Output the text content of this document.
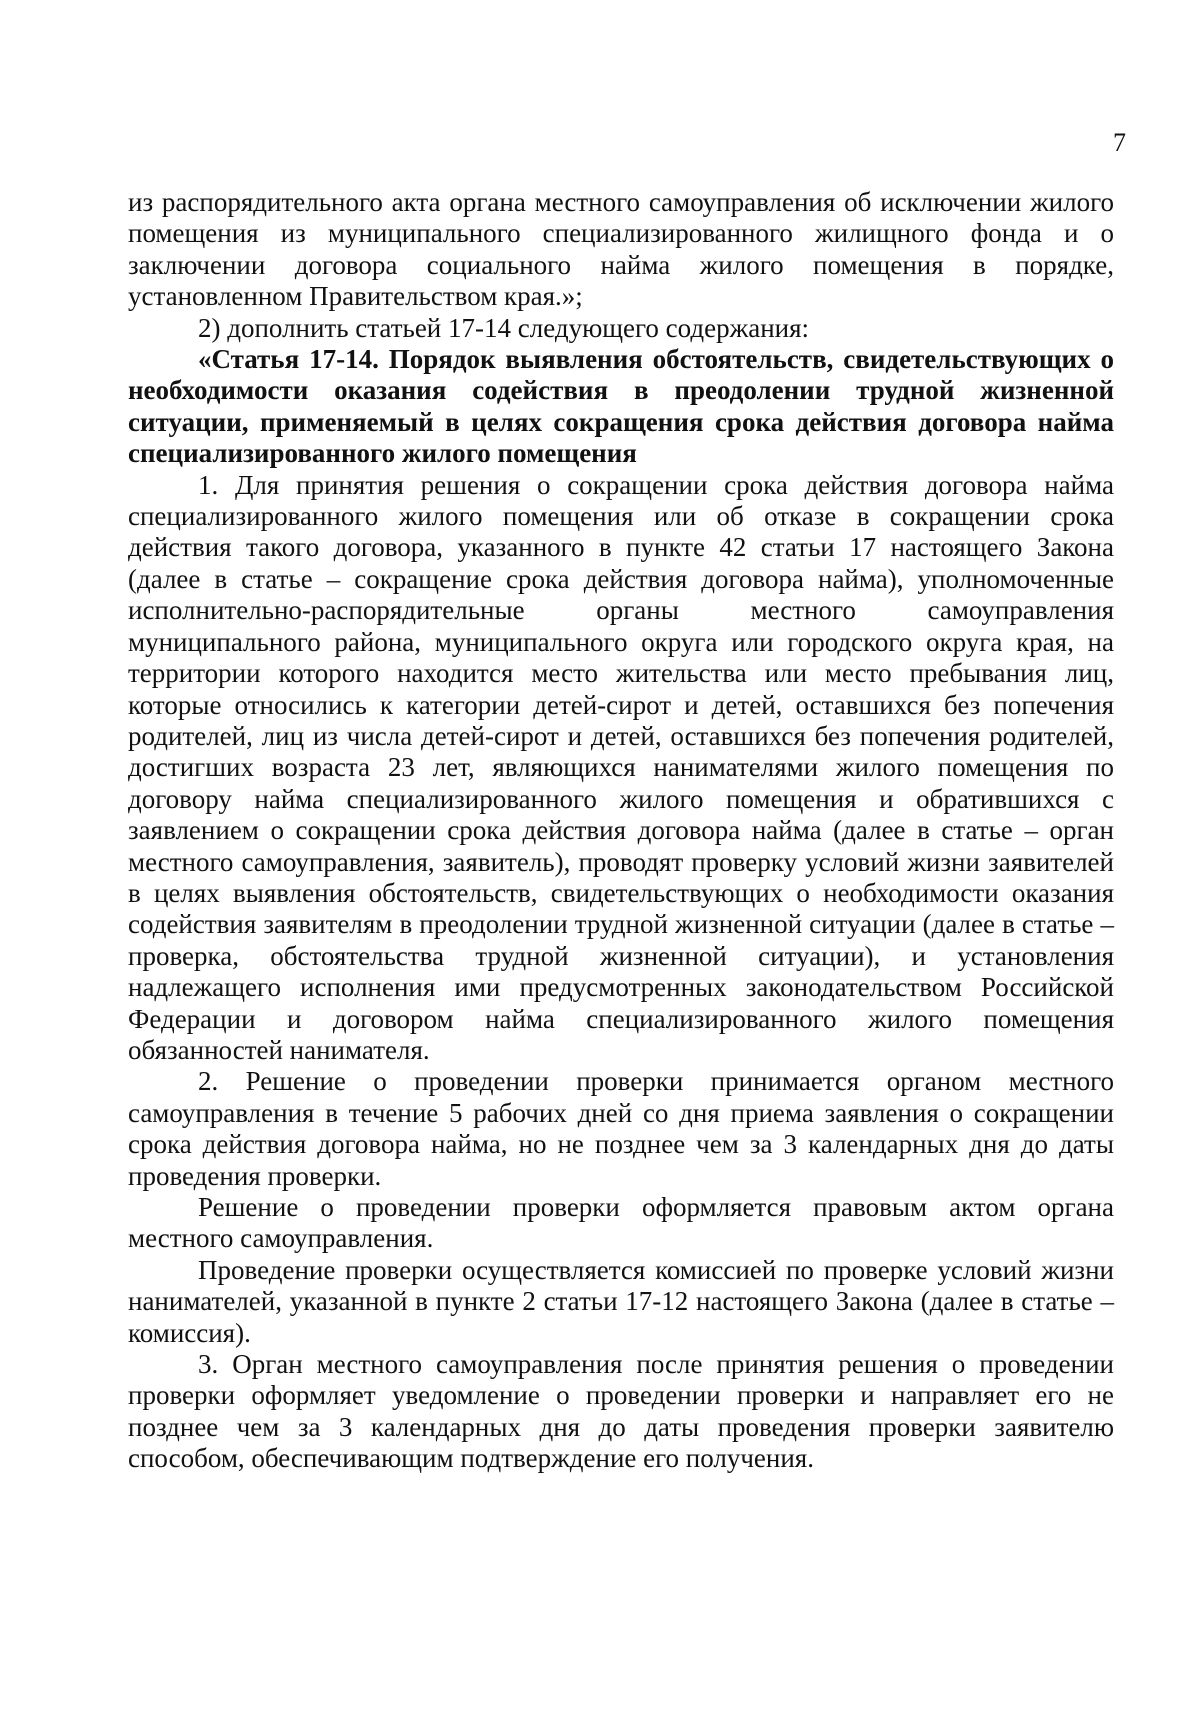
7

из распорядительного акта органа местного самоуправления об исключении жилого помещения из муниципального специализированного жилищного фонда и о заключении договора социального найма жилого помещения в порядке, установленном Правительством края.»;

2) дополнить статьей 17-14 следующего содержания:

«Статья 17-14. Порядок выявления обстоятельств, свидетельствующих о необходимости оказания содействия в преодолении трудной жизненной ситуации, применяемый в целях сокращения срока действия договора найма специализированного жилого помещения

1. Для принятия решения о сокращении срока действия договора найма специализированного жилого помещения или об отказе в сокращении срока действия такого договора, указанного в пункте 42 статьи 17 настоящего Закона (далее в статье – сокращение срока действия договора найма), уполномоченные исполнительно-распорядительные органы местного самоуправления муниципального района, муниципального округа или городского округа края, на территории которого находится место жительства или место пребывания лиц, которые относились к категории детей-сирот и детей, оставшихся без попечения родителей, лиц из числа детей-сирот и детей, оставшихся без попечения родителей, достигших возраста 23 лет, являющихся нанимателями жилого помещения по договору найма специализированного жилого помещения и обратившихся с заявлением о сокращении срока действия договора найма (далее в статье – орган местного самоуправления, заявитель), проводят проверку условий жизни заявителей в целях выявления обстоятельств, свидетельствующих о необходимости оказания содействия заявителям в преодолении трудной жизненной ситуации (далее в статье – проверка, обстоятельства трудной жизненной ситуации), и установления надлежащего исполнения ими предусмотренных законодательством Российской Федерации и договором найма специализированного жилого помещения обязанностей нанимателя.

2. Решение о проведении проверки принимается органом местного самоуправления в течение 5 рабочих дней со дня приема заявления о сокращении срока действия договора найма, но не позднее чем за 3 календарных дня до даты проведения проверки.

Решение о проведении проверки оформляется правовым актом органа местного самоуправления.

Проведение проверки осуществляется комиссией по проверке условий жизни нанимателей, указанной в пункте 2 статьи 17-12 настоящего Закона (далее в статье – комиссия).

3. Орган местного самоуправления после принятия решения о проведении проверки оформляет уведомление о проведении проверки и направляет его не позднее чем за 3 календарных дня до даты проведения проверки заявителю способом, обеспечивающим подтверждение его получения.
